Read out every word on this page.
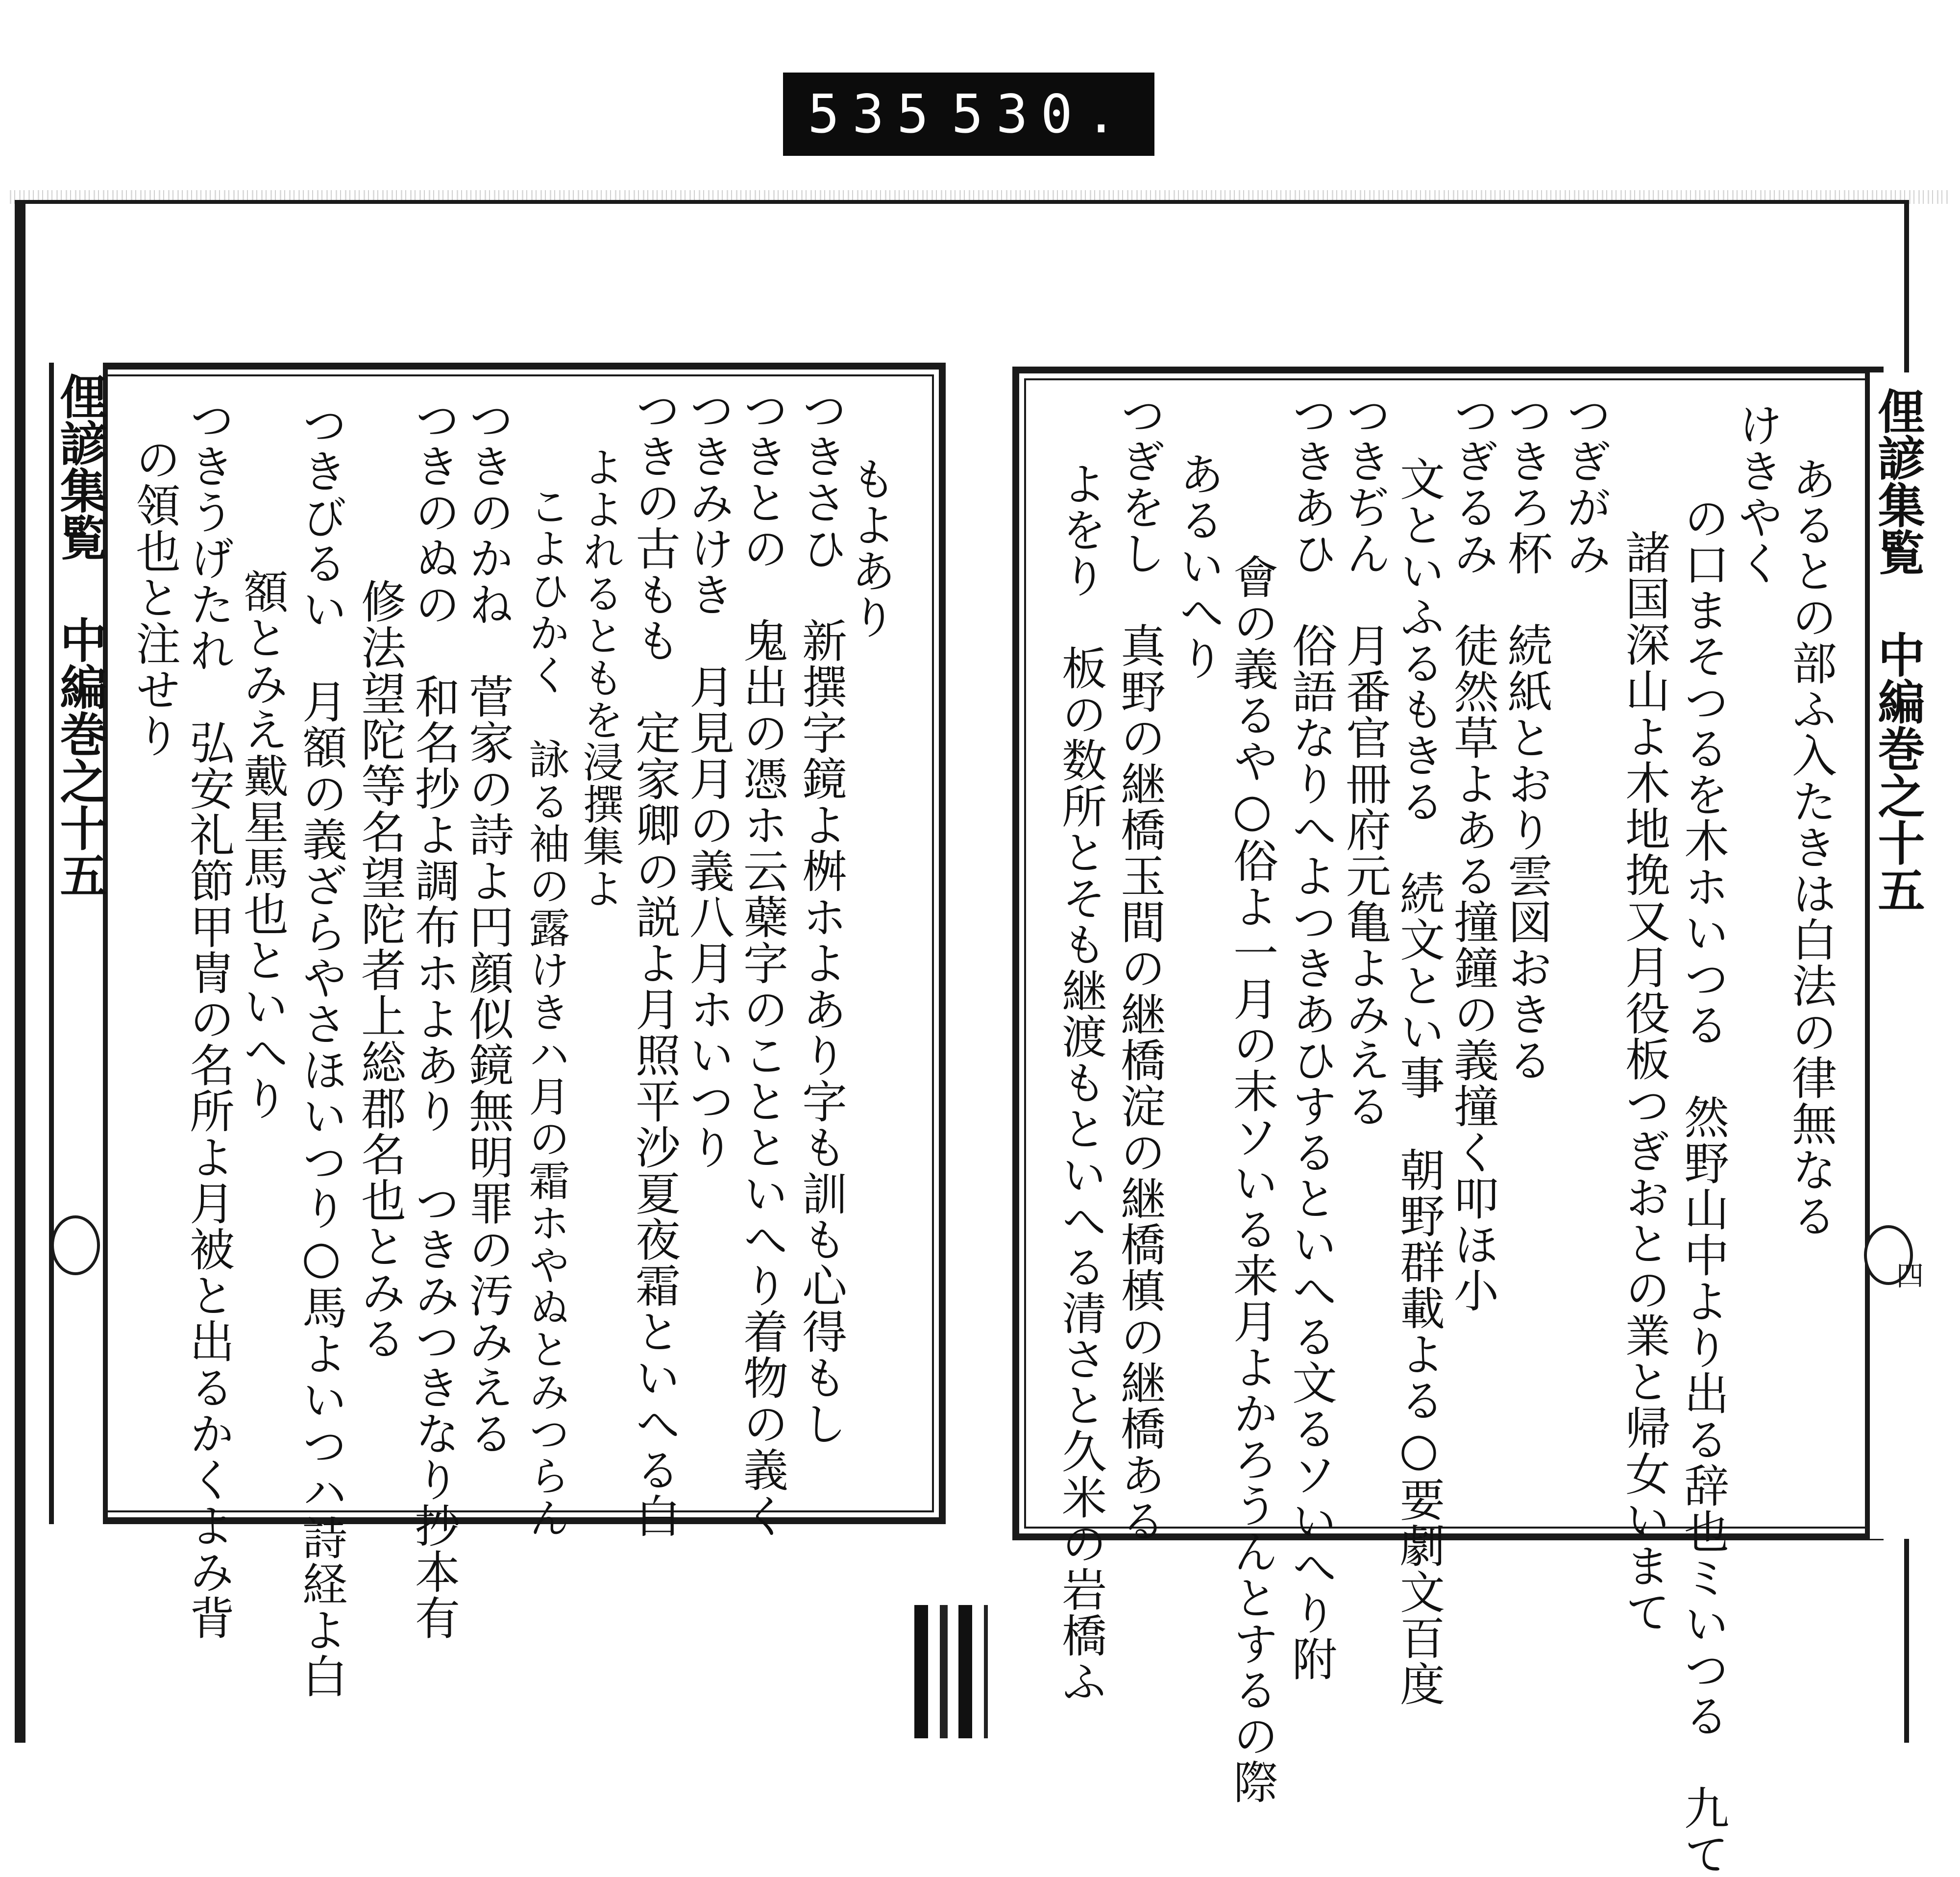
535 530.
俚諺集覧 中編巻之十五	もよあり
つきさひ　新撰字鏡よ桝ホよあり字も訓も心得もし
つきとの　鬼出の憑ホ云蘗字のことといへり着物の義く
つきみけき　月見月の義八月ホいつり
つきの古もも　定家卿の説よ月照平沙夏夜霜といへる白
よよれるともを浸撰集よ
こよひかく　詠る袖の露けきハ月の霜ホやぬとみつらん
つきのかね　菅家の詩よ円顔似鏡無明罪の汚みえる
つきのぬの　和名抄よ調布ホよあり　つきみつきなり抄本有
修法望陀等名望陀者上総郡名也とみる
つきびるい　月額の義ざらやさほいつり○馬よいつハ詩経よ白
額とみえ戴星馬也といへり
つきうげたれ　弘安礼節甲冑の名所よ月被と出るかくよみ背
の領也と注せり	俚諺集覧 中編巻之十五
四
あるとの部ふ入たきは白法の律無なる
けきやく
の口まそつるを木ホいつる　然野山中より出る辞也ミいつる　九て
諸国深山よ木地挽又月役板つぎおとの業と帰女いまて
つぎがみ
つきろ杯　続紙とおり雲図おきる
つぎるみ　徒然草よある撞鐘の義撞く叩ほ小
文といふるもきる　続文とい事　朝野群載よる○要劇文百度
つきぢん　月番官冊府元亀よみえる
つきあひ　俗語なりへよつきあひするといへる文るソいへり附
會の義るや○俗よ一月の末ソいる来月よかろうんとするの際
あるいへり
つぎをし　真野の継橋玉間の継橋淀の継橋槙の継橋ある
よをり　板の数所とそも継渡もといへる清さと久米の岩橋ふ
